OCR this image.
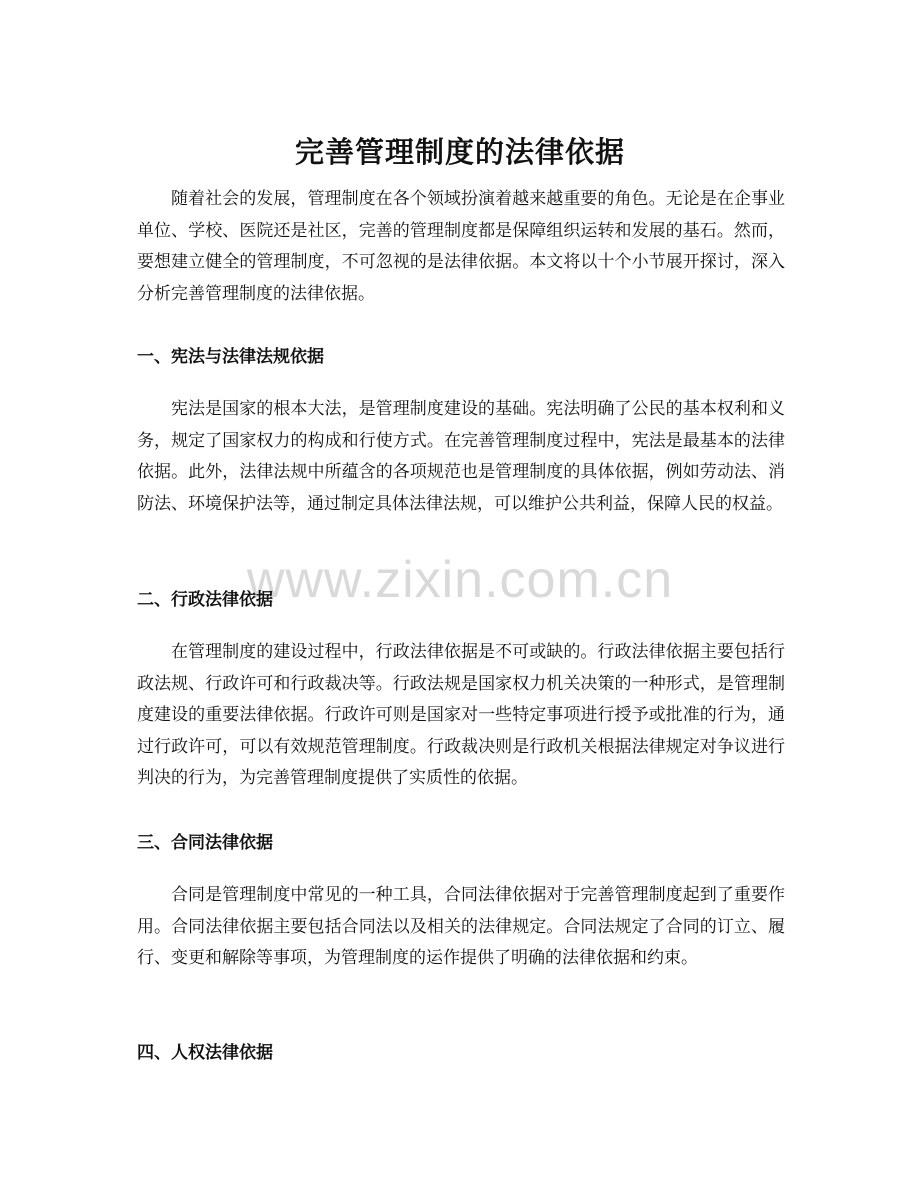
www.zixin.com.cn
完善管理制度的法律依据

随着社会的发展，管理制度在各个领域扮演着越来越重要的角色。无论是在企事业单位、学校、医院还是社区，完善的管理制度都是保障组织运转和发展的基石。然而，要想建立健全的管理制度，不可忽视的是法律依据。本文将以十个小节展开探讨，深入分析完善管理制度的法律依据。

一、宪法与法律法规依据

宪法是国家的根本大法，是管理制度建设的基础。宪法明确了公民的基本权利和义务，规定了国家权力的构成和行使方式。在完善管理制度过程中，宪法是最基本的法律依据。此外，法律法规中所蕴含的各项规范也是管理制度的具体依据，例如劳动法、消防法、环境保护法等，通过制定具体法律法规，可以维护公共利益，保障人民的权益。

二、行政法律依据

在管理制度的建设过程中，行政法律依据是不可或缺的。行政法律依据主要包括行政法规、行政许可和行政裁决等。行政法规是国家权力机关决策的一种形式，是管理制度建设的重要法律依据。行政许可则是国家对一些特定事项进行授予或批准的行为，通过行政许可，可以有效规范管理制度。行政裁决则是行政机关根据法律规定对争议进行判决的行为，为完善管理制度提供了实质性的依据。

三、合同法律依据

合同是管理制度中常见的一种工具，合同法律依据对于完善管理制度起到了重要作用。合同法律依据主要包括合同法以及相关的法律规定。合同法规定了合同的订立、履行、变更和解除等事项，为管理制度的运作提供了明确的法律依据和约束。

四、人权法律依据
